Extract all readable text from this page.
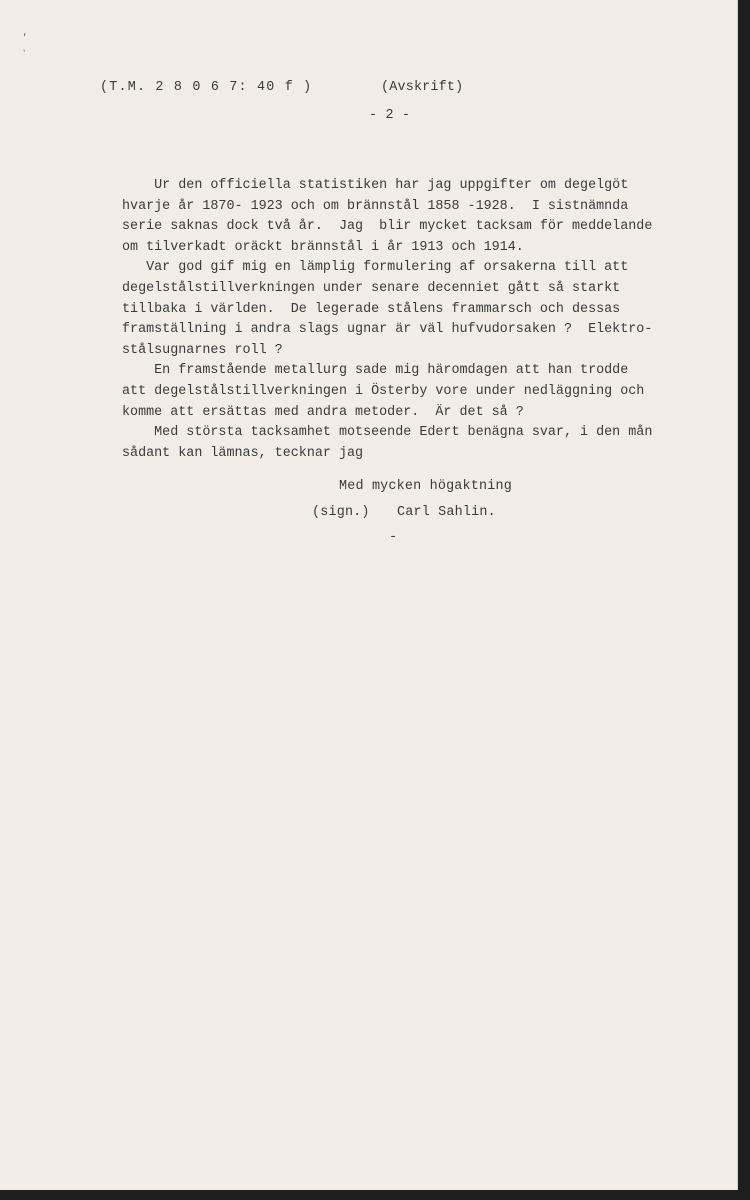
,
`
(T.M. 2 8 0 6 7: 40 f )	(Avskrift)
- 2 -
Ur den officiella statistiken har jag uppgifter om degelgöt
hvarje år 1870- 1923 och om brännstål 1858 -1928.  I sistnämnda
serie saknas dock två år.  Jag  blir mycket tacksam för meddelande
om tilverkadt oräckt brännstål i år 1913 och 1914.
Var god gif mig en lämplig formulering af orsakerna till att
degelstålstillverkningen under senare decenniet gått så starkt
tillbaka i världen.  De legerade stålens frammarsch och dessas
framställning i andra slags ugnar är väl hufvudorsaken ?  Elektro-
stålsugnarnes roll ?
En framstående metallurg sade mig häromdagen att han trodde
att degelstålstillverkningen i Österby vore under nedläggning och
komme att ersättas med andra metoder.  Är det så ?
Med största tacksamhet motseende Edert benägna svar, i den mån
sådant kan lämnas, tecknar jag
Med mycken högaktning
(sign.) Carl Sahlin.
-
